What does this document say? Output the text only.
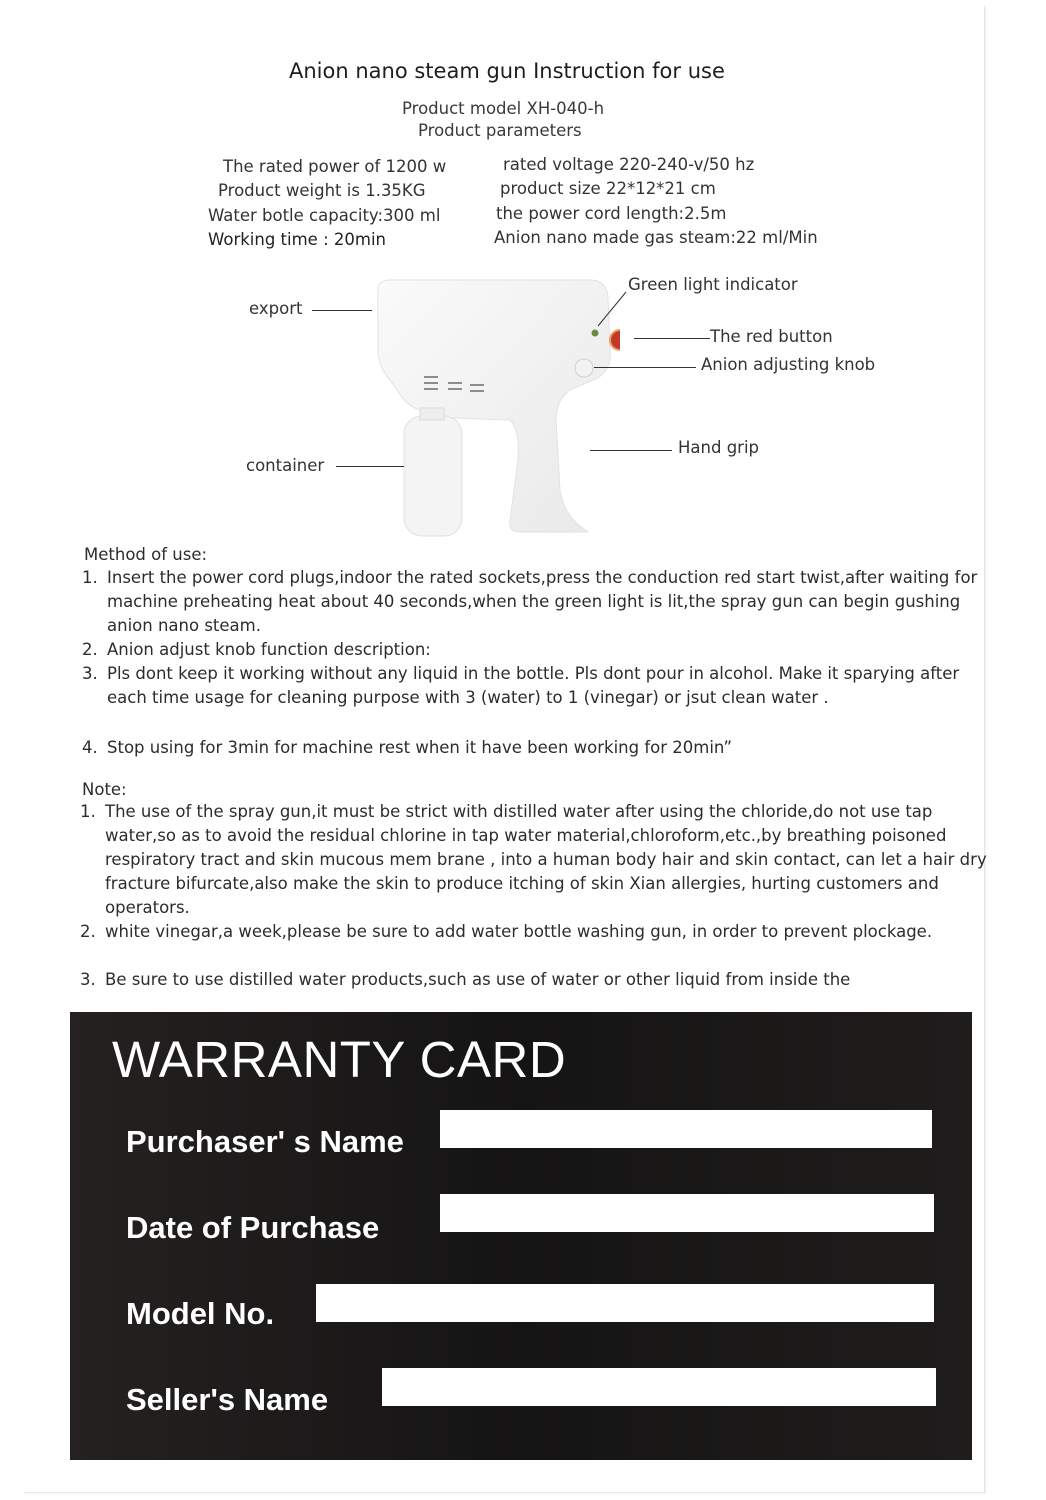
Anion nano steam gun Instruction for use
Product model XH-040-h
Product parameters
The rated power of 1200 w
Product weight is 1.35KG
Water botle capacity:300 ml
Working time : 20min
rated voltage 220-240-v/50 hz
product size 22*12*21 cm
the power cord length:2.5m
Anion nano made gas steam:22 ml/Min
export
container
Green light indicator
The red button
Anion adjusting knob
Hand grip
Method of use:
1. Insert the power cord plugs,indoor the rated sockets,press the conduction red start twist,after waiting for machine preheating heat about 40 seconds,when the green light is lit,the spray gun can begin gushing anion nano steam.
2. Anion adjust knob function description:
3. Pls dont keep it working without any liquid in the bottle. Pls dont pour in alcohol. Make it sparying after each time usage for cleaning purpose with 3 (water) to 1 (vinegar) or jsut clean water .
4. Stop using for 3min for machine rest when it have been working for 20min”
Note:
1. The use of the spray gun,it must be strict with distilled water after using the chloride,do not use tap water,so as to avoid the residual chlorine in tap water material,chloroform,etc.,by breathing poisoned respiratory tract and skin mucous mem brane , into a human body hair and skin contact, can let a hair dry fracture bifurcate,also make the skin to produce itching of skin Xian allergies, hurting customers and operators.
2. white vinegar,a week,please be sure to add water bottle washing gun, in order to prevent plockage.
3. Be sure to use distilled water products,such as use of water or other liquid from inside the
WARRANTY CARD
Purchaser' s Name
Date of Purchase
Model No.
Seller's Name
